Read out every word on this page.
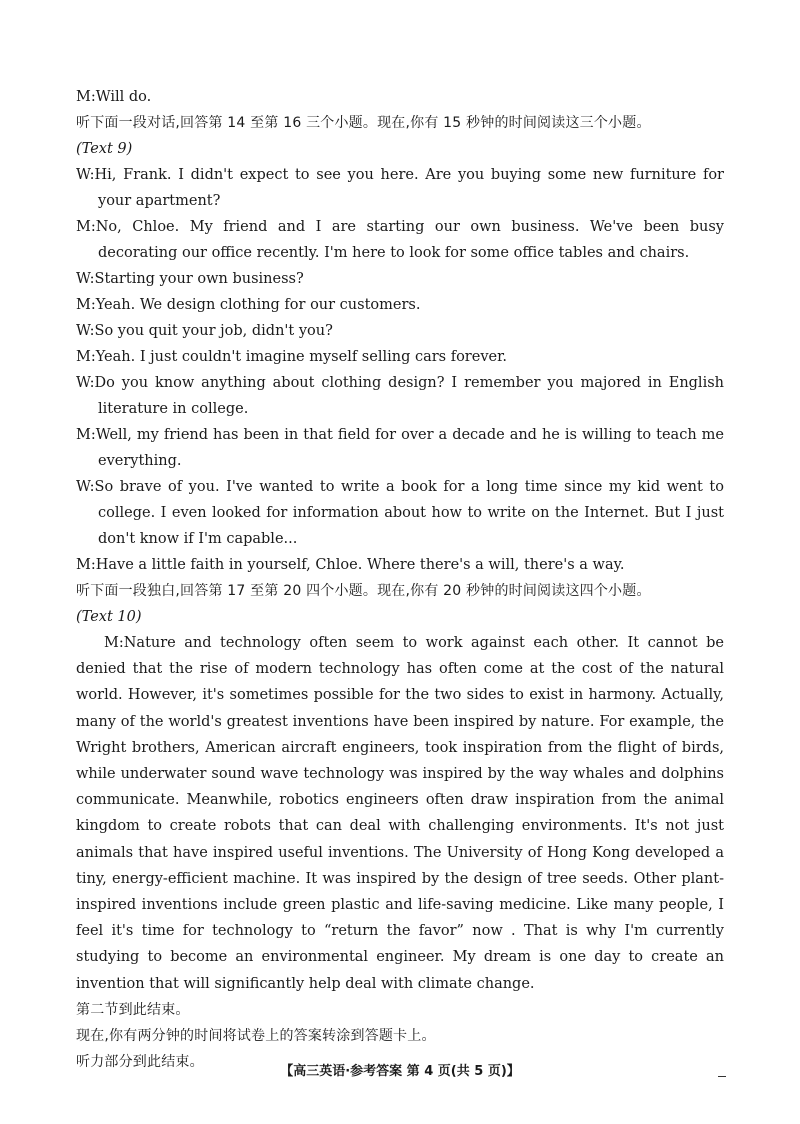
M:Will do.
听下面一段对话,回答第 14 至第 16 三个小题。现在,你有 15 秒钟的时间阅读这三个小题。
(Text 9)
W:Hi, Frank. I didn't expect to see you here. Are you buying some new furniture for your apartment?
M:No, Chloe. My friend and I are starting our own business. We've been busy decorating our office recently. I'm here to look for some office tables and chairs.
W:Starting your own business?
M:Yeah. We design clothing for our customers.
W:So you quit your job, didn't you?
M:Yeah. I just couldn't imagine myself selling cars forever.
W:Do you know anything about clothing design? I remember you majored in English literature in college.
M:Well, my friend has been in that field for over a decade and he is willing to teach me everything.
W:So brave of you. I've wanted to write a book for a long time since my kid went to college. I even looked for information about how to write on the Internet. But I just don't know if I'm capable...
M:Have a little faith in yourself, Chloe. Where there's a will, there's a way.
听下面一段独白,回答第 17 至第 20 四个小题。现在,你有 20 秒钟的时间阅读这四个小题。
(Text 10)

M:Nature and technology often seem to work against each other. It cannot be denied that the rise of modern technology has often come at the cost of the natural world. However, it's sometimes possible for the two sides to exist in harmony. Actually, many of the world's greatest inventions have been inspired by nature. For example, the Wright brothers, American aircraft engineers, took inspiration from the flight of birds, while underwater sound wave technology was inspired by the way whales and dolphins communicate. Meanwhile, robotics engineers often draw inspiration from the animal kingdom to create robots that can deal with challenging environments. It's not just animals that have inspired useful inventions. The University of Hong Kong developed a tiny, energy-efficient machine. It was inspired by the design of tree seeds. Other plant-inspired inventions include green plastic and life-saving medicine. Like many people, I feel it's time for technology to “return the favor” now . That is why I'm currently studying to become an environmental engineer. My dream is one day to create an invention that will significantly help deal with climate change.

第二节到此结束。
现在,你有两分钟的时间将试卷上的答案转涂到答题卡上。
听力部分到此结束。
【高三英语·参考答案 第 4 页(共 5 页)】
